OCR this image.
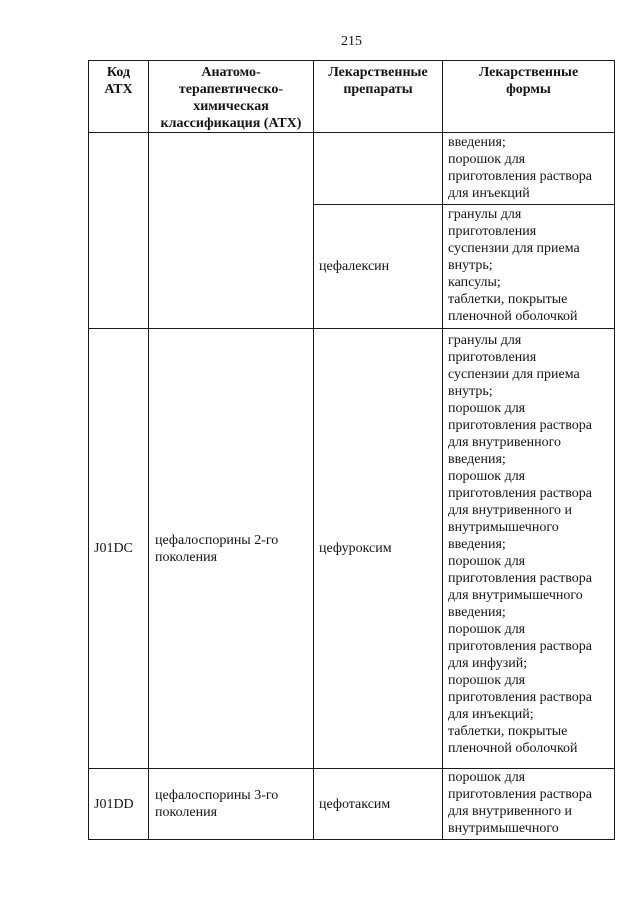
215
Код
АТХ
Анатомо-
терапевтическо-
химическая
классификация (АТХ)
Лекарственные
препараты
Лекарственные
формы
введения;
порошок для
приготовления раствора
для инъекций
цефалексин
гранулы для
приготовления
суспензии для приема
внутрь;
капсулы;
таблетки, покрытые
пленочной оболочкой
J01DC
цефалоспорины 2-го
поколения
цефуроксим
гранулы для
приготовления
суспензии для приема
внутрь;
порошок для
приготовления раствора
для внутривенного
введения;
порошок для
приготовления раствора
для внутривенного и
внутримышечного
введения;
порошок для
приготовления раствора
для внутримышечного
введения;
порошок для
приготовления раствора
для инфузий;
порошок для
приготовления раствора
для инъекций;
таблетки, покрытые
пленочной оболочкой
J01DD
цефалоспорины 3-го
поколения
цефотаксим
порошок для
приготовления раствора
для внутривенного и
внутримышечного
